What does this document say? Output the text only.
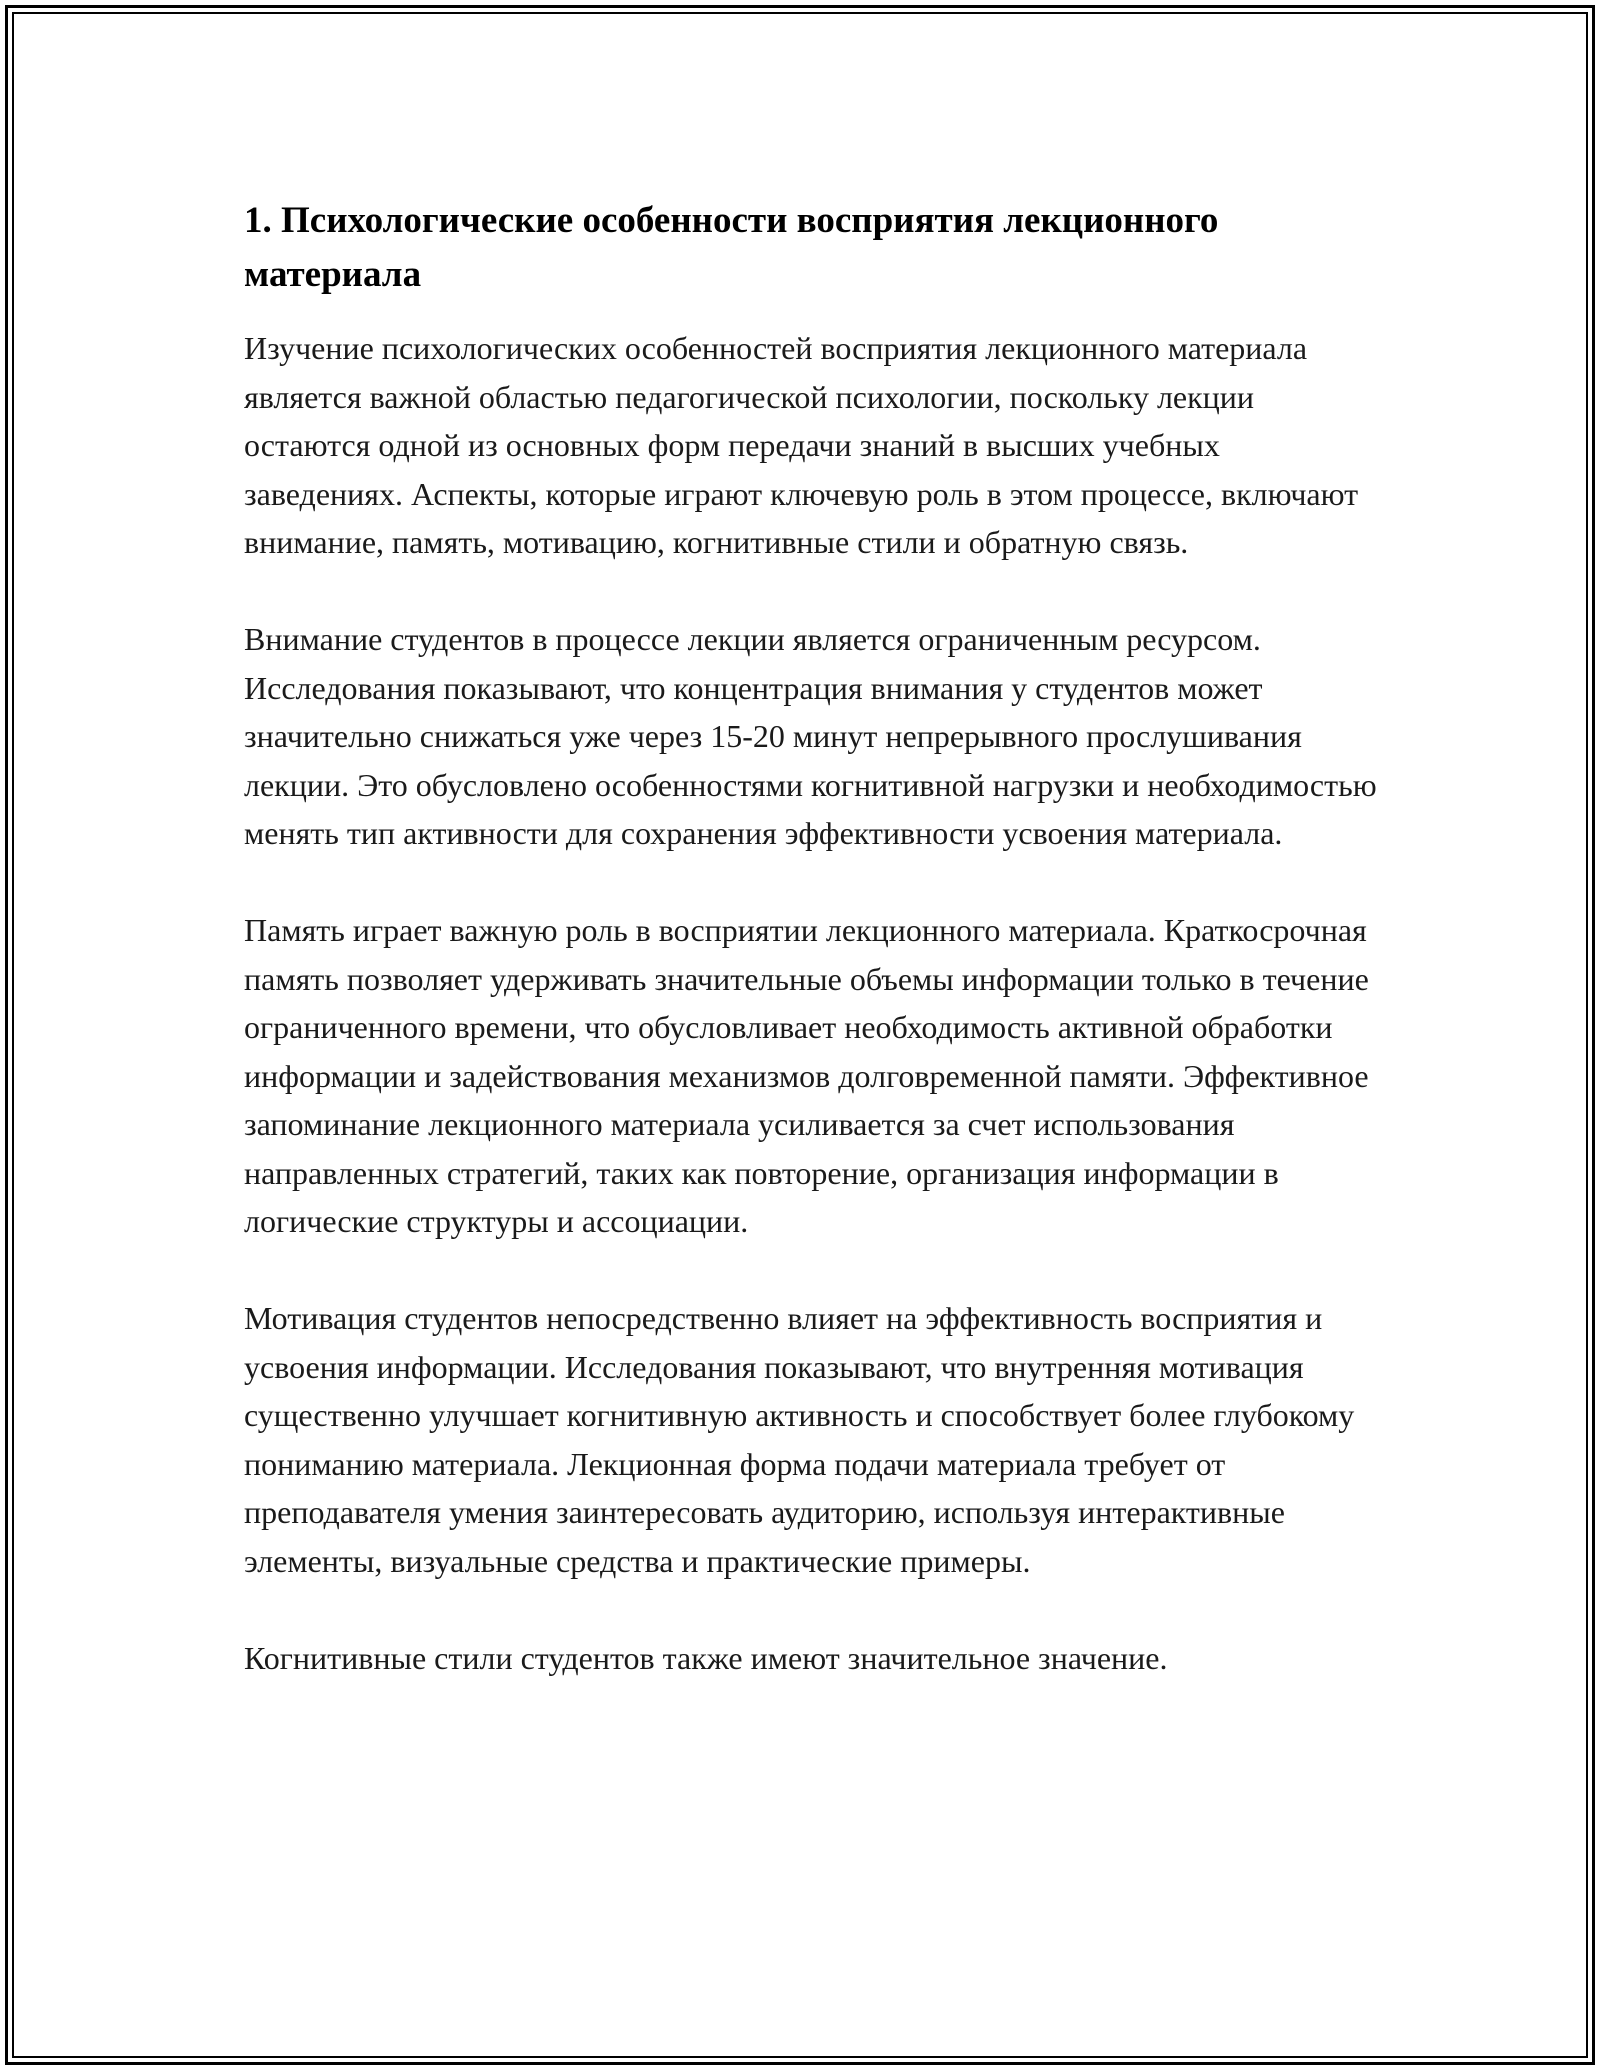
1. Психологические особенности восприятия лекционного материала

Изучение психологических особенностей восприятия лекционного материала является важной областью педагогической психологии, поскольку лекции остаются одной из основных форм передачи знаний в высших учебных заведениях. Аспекты, которые играют ключевую роль в этом процессе, включают внимание, память, мотивацию, когнитивные стили и обратную связь.

Внимание студентов в процессе лекции является ограниченным ресурсом. Исследования показывают, что концентрация внимания у студентов может значительно снижаться уже через 15-20 минут непрерывного прослушивания лекции. Это обусловлено особенностями когнитивной нагрузки и необходимостью менять тип активности для сохранения эффективности усвоения материала.

Память играет важную роль в восприятии лекционного материала. Краткосрочная память позволяет удерживать значительные объемы информации только в течение ограниченного времени, что обусловливает необходимость активной обработки информации и задействования механизмов долговременной памяти. Эффективное запоминание лекционного материала усиливается за счет использования направленных стратегий, таких как повторение, организация информации в логические структуры и ассоциации.

Мотивация студентов непосредственно влияет на эффективность восприятия и усвоения информации. Исследования показывают, что внутренняя мотивация существенно улучшает когнитивную активность и способствует более глубокому пониманию материала. Лекционная форма подачи материала требует от преподавателя умения заинтересовать аудиторию, используя интерактивные элементы, визуальные средства и практические примеры.

Когнитивные стили студентов также имеют значительное значение.
